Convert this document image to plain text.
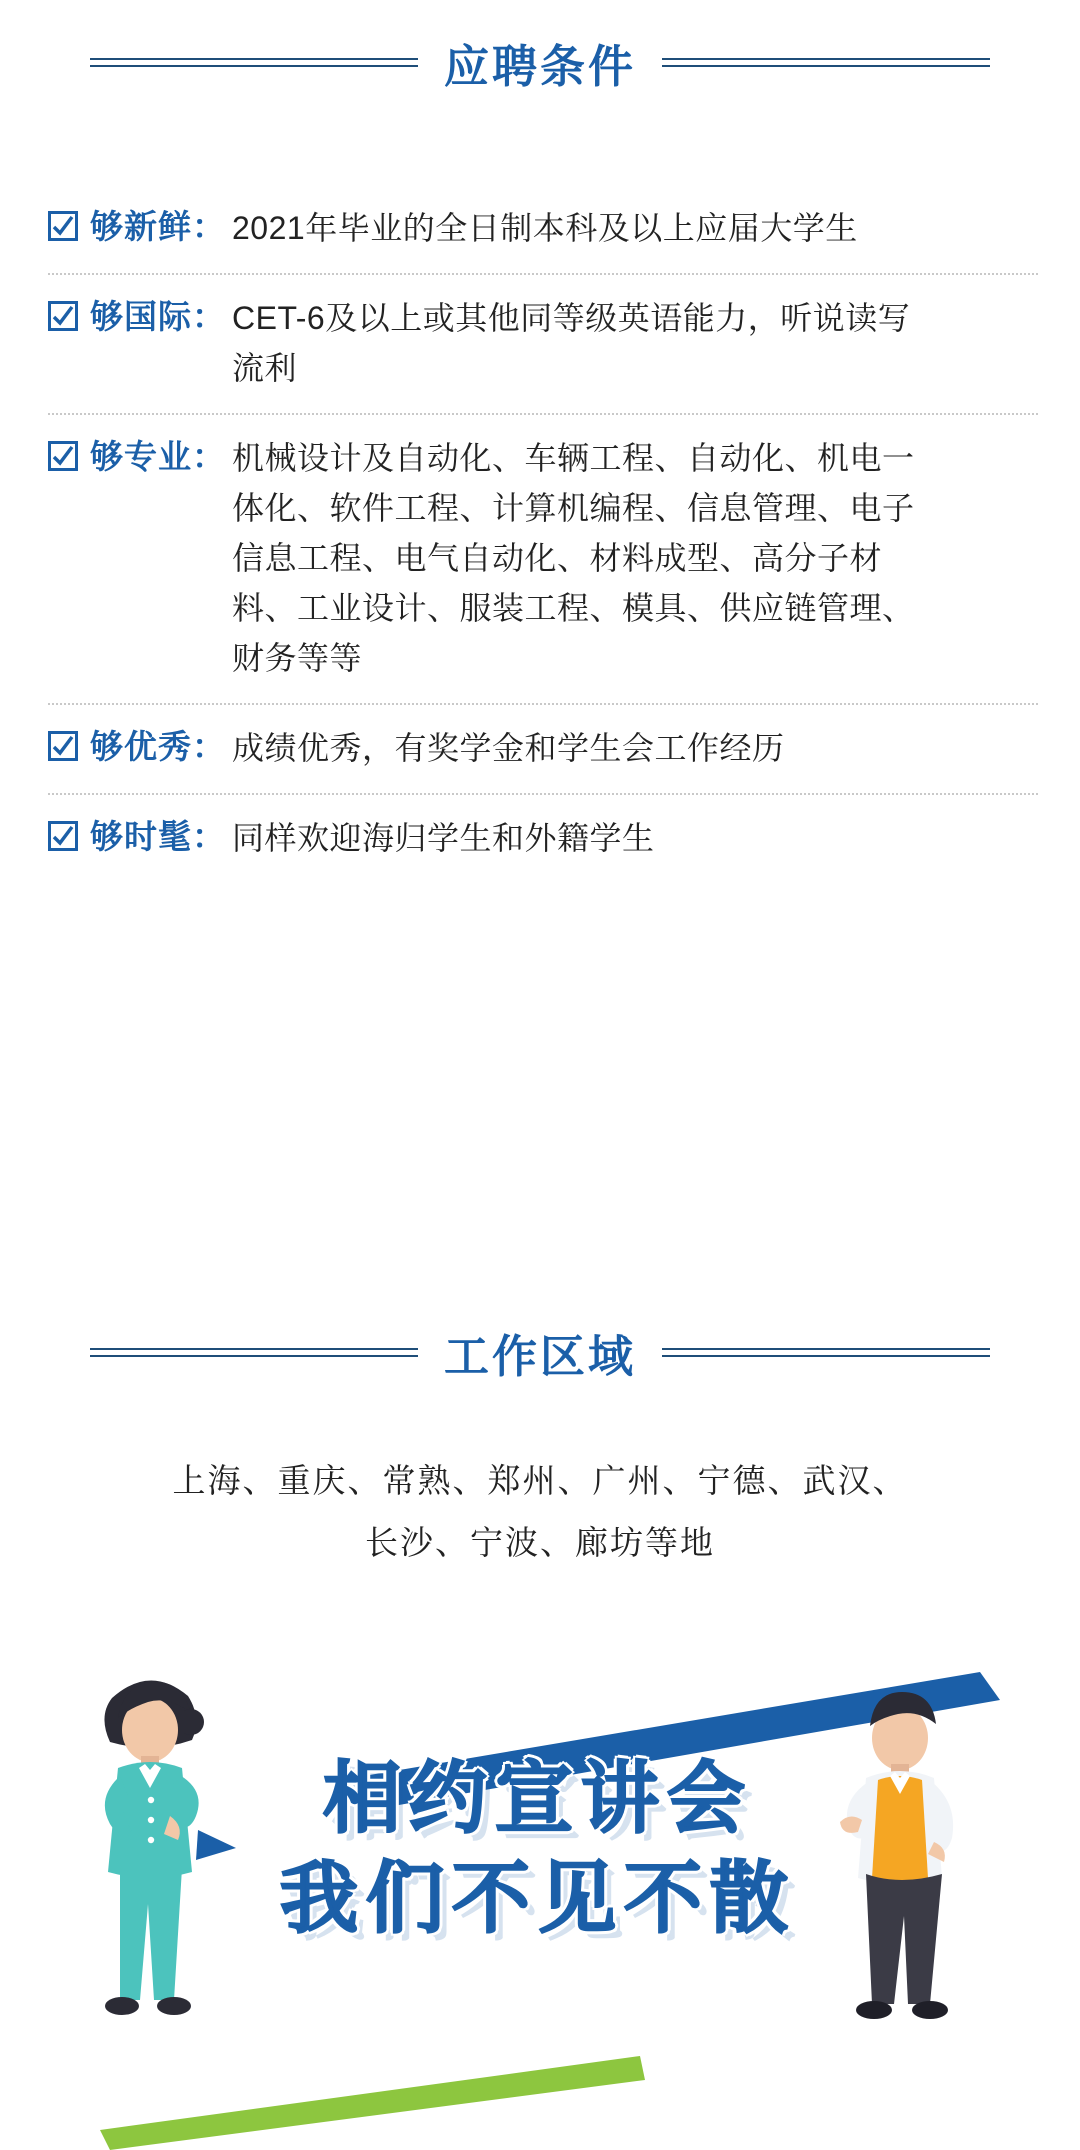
应聘条件
够新鲜： 2021年毕业的全日制本科及以上应届大学生
够国际： CET-6及以上或其他同等级英语能力，听说读写流利
够专业： 机械设计及自动化、车辆工程、自动化、机电一体化、软件工程、计算机编程、信息管理、电子信息工程、电气自动化、材料成型、高分子材料、工业设计、服装工程、模具、供应链管理、财务等等
够优秀： 成绩优秀，有奖学金和学生会工作经历
够时髦： 同样欢迎海归学生和外籍学生
工作区域
上海、重庆、常熟、郑州、广州、宁德、武汉、
长沙、宁波、廊坊等地
相约宣讲会
我们不见不散
